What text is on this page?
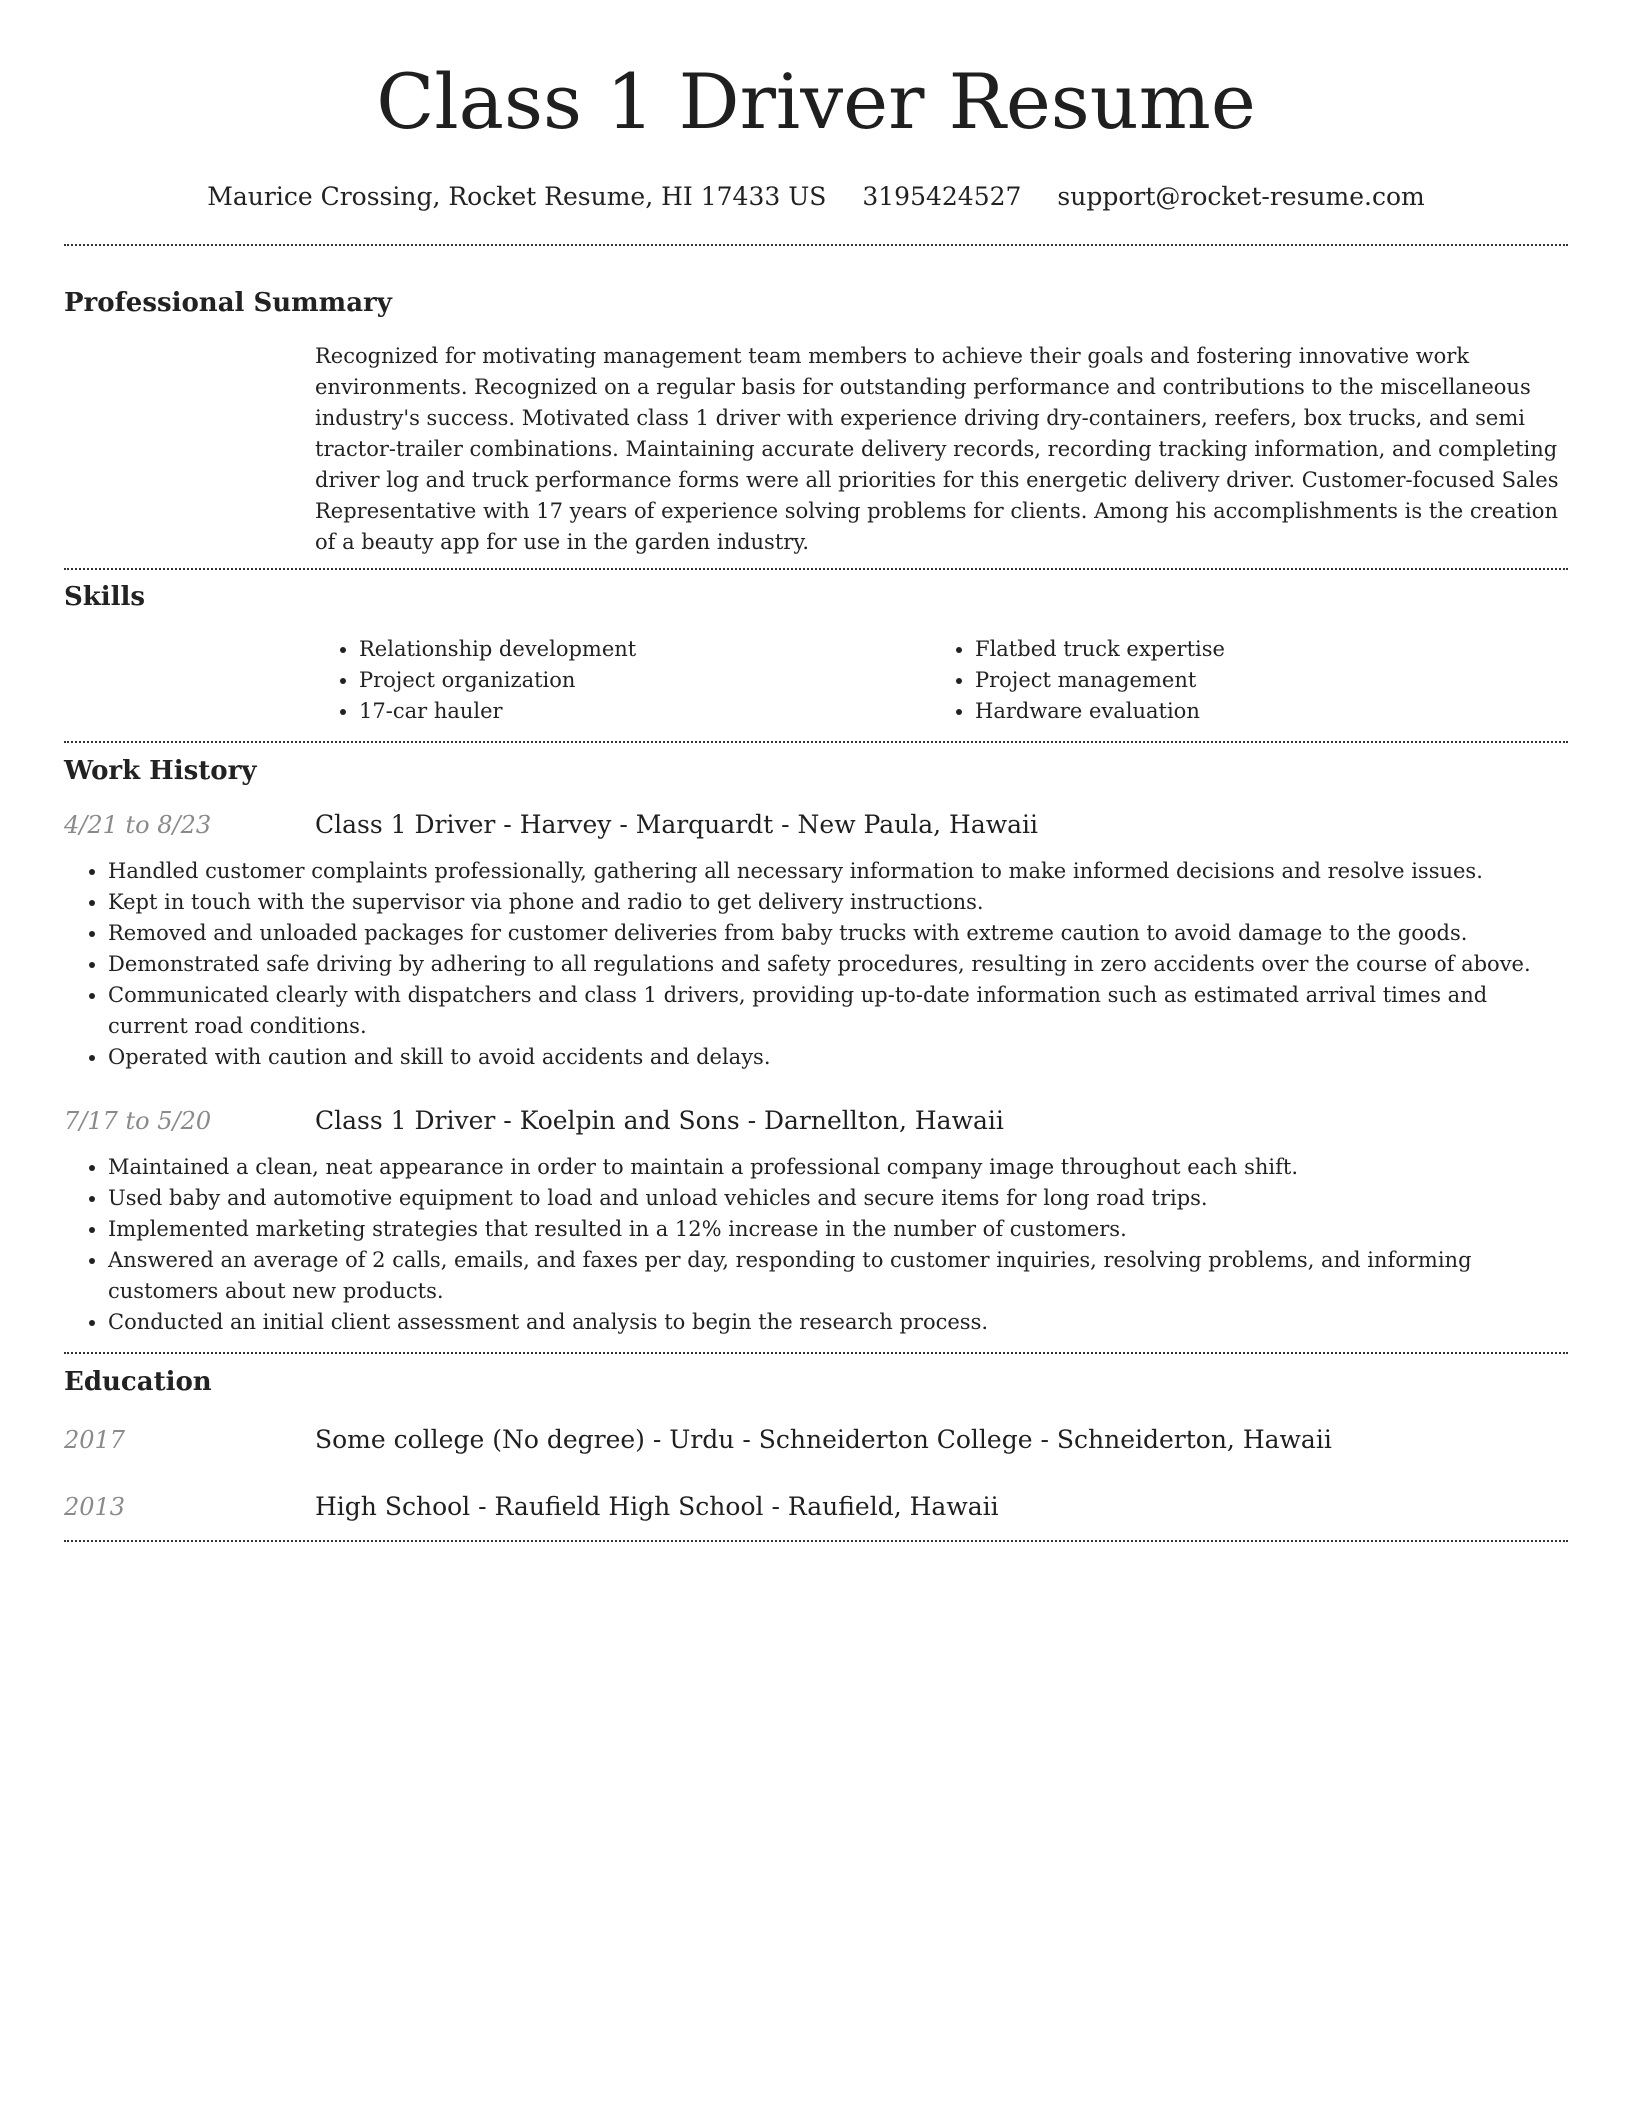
Class 1 Driver Resume
Maurice Crossing, Rocket Resume, HI 17433 US 3195424527 support@rocket-resume.com
Professional Summary

Recognized for motivating management team members to achieve their goals and fostering innovative work environments. Recognized on a regular basis for outstanding performance and contributions to the miscellaneous industry's success. Motivated class 1 driver with experience driving dry-containers, reefers, box trucks, and semi tractor-trailer combinations. Maintaining accurate delivery records, recording tracking information, and completing driver log and truck performance forms were all priorities for this energetic delivery driver. Customer-focused Sales Representative with 17 years of experience solving problems for clients. Among his accomplishments is the creation of a beauty app for use in the garden industry.

Skills
• Relationship development
• Project organization
• 17-car hauler
• Flatbed truck expertise
• Project management
• Hardware evaluation
Work History
4/21 to 8/23	Class 1 Driver - Harvey - Marquardt - New Paula, Hawaii
• Handled customer complaints professionally, gathering all necessary information to make informed decisions and resolve issues.
• Kept in touch with the supervisor via phone and radio to get delivery instructions.
• Removed and unloaded packages for customer deliveries from baby trucks with extreme caution to avoid damage to the goods.
• Demonstrated safe driving by adhering to all regulations and safety procedures, resulting in zero accidents over the course of above.
• Communicated clearly with dispatchers and class 1 drivers, providing up-to-date information such as estimated arrival times and current road conditions.
• Operated with caution and skill to avoid accidents and delays.
7/17 to 5/20	Class 1 Driver - Koelpin and Sons - Darnellton, Hawaii
• Maintained a clean, neat appearance in order to maintain a professional company image throughout each shift.
• Used baby and automotive equipment to load and unload vehicles and secure items for long road trips.
• Implemented marketing strategies that resulted in a 12% increase in the number of customers.
• Answered an average of 2 calls, emails, and faxes per day, responding to customer inquiries, resolving problems, and informing customers about new products.
• Conducted an initial client assessment and analysis to begin the research process.
Education
2017	Some college (No degree) - Urdu - Schneiderton College - Schneiderton, Hawaii
2013	High School - Raufield High School - Raufield, Hawaii
